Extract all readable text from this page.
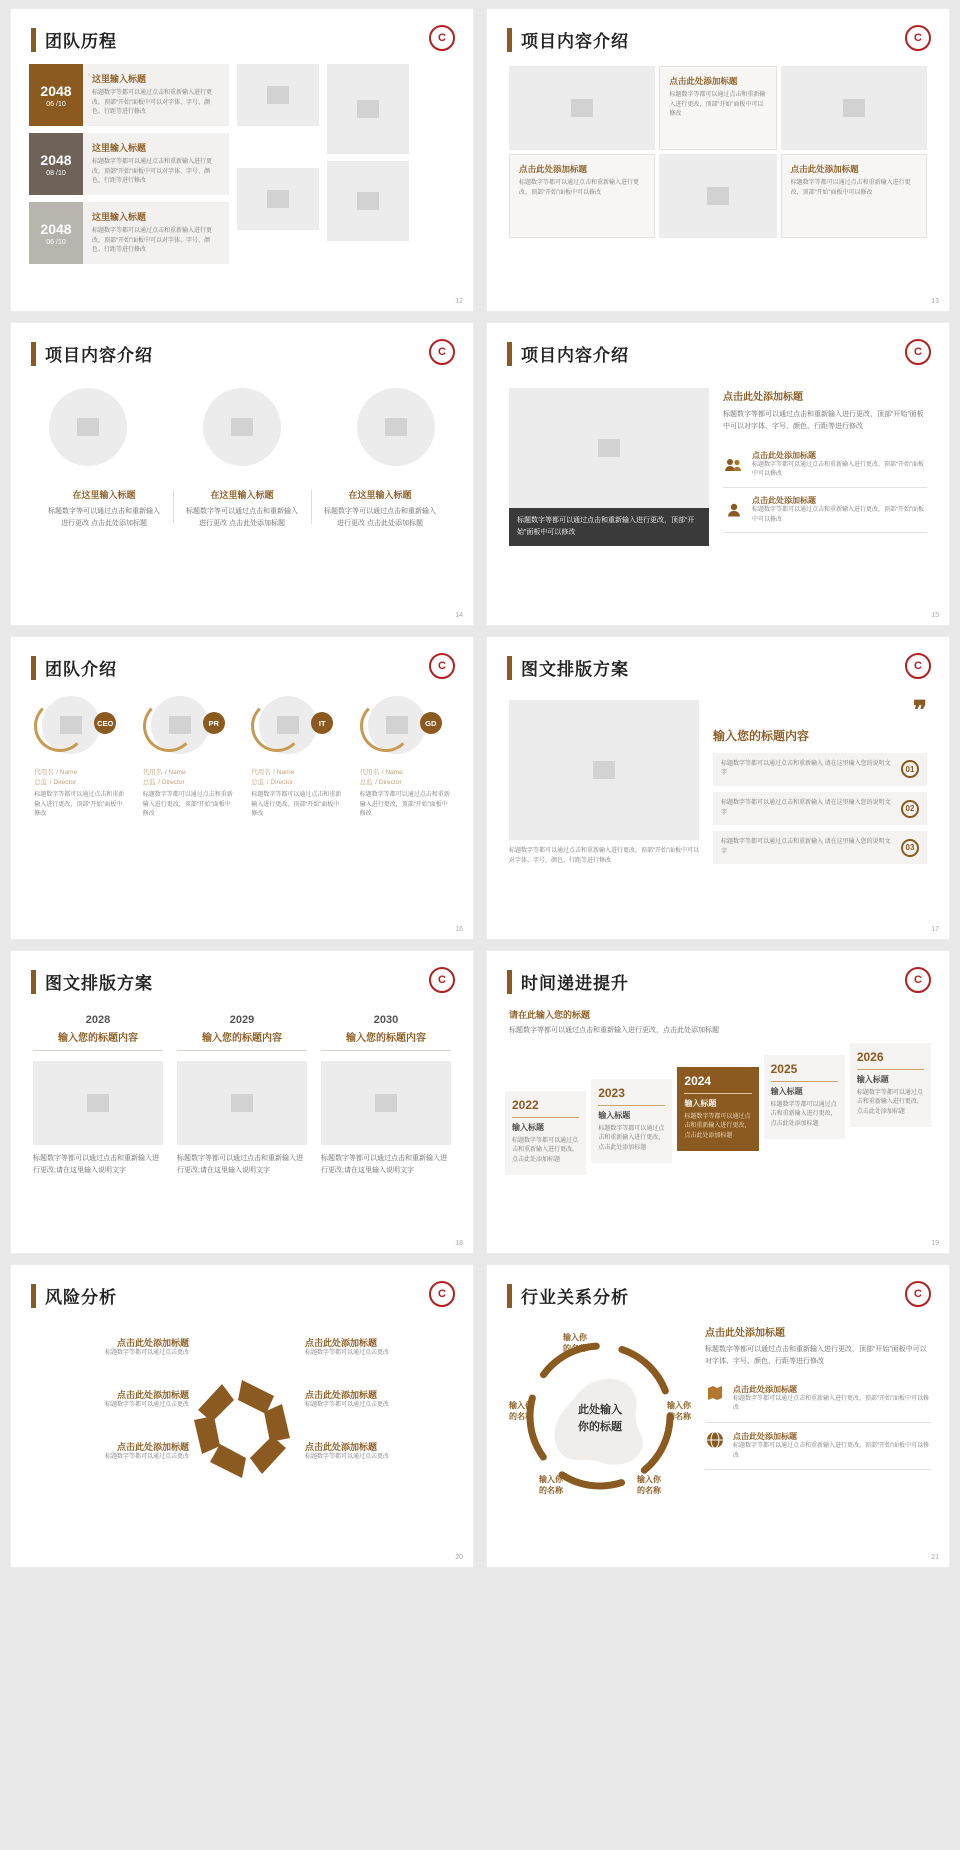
团队历程	C
2048
06 /10
这里输入标题
标题数字等都可以通过点击和重新输入进行更改，顶部“开始”面板中可以对字体、字号、颜色、行距等进行修改
2048
08 /10
这里输入标题
标题数字等都可以通过点击和重新输入进行更改，顶部“开始”面板中可以对字体、字号、颜色、行距等进行修改
2048
06 /10
这里输入标题
标题数字等都可以通过点击和重新输入进行更改，顶部“开始”面板中可以对字体、字号、颜色、行距等进行修改
12
项目内容介绍	C
点击此处添加标题
标题数字等都可以通过点击和重新输入进行更改，顶部“开始”面板中可以修改
点击此处添加标题
标题数字等都可以通过点击和重新输入进行更改，顶部“开始”面板中可以修改
点击此处添加标题
标题数字等都可以通过点击和重新输入进行更改，顶部“开始”面板中可以修改
13
项目内容介绍	C
在这里输入标题
标题数字等可以通过点击和重新输入进行更改 点击此处添加标题
在这里输入标题
标题数字等可以通过点击和重新输入进行更改 点击此处添加标题
在这里输入标题
标题数字等可以通过点击和重新输入进行更改 点击此处添加标题
14
项目内容介绍	C
标题数字等都可以通过点击和重新输入进行更改，顶部“开始”面板中可以修改
点击此处添加标题
标题数字等都可以通过点击和重新输入进行更改，顶部“开始”面板中可以对字体、字号、颜色、行距等进行修改
点击此处添加标题
标题数字等都可以通过点击和重新输入进行更改，顶部“开始”面板中可以修改
点击此处添加标题
标题数字等都可以通过点击和重新输入进行更改，顶部“开始”面板中可以修改
15
团队介绍	C
CEO
代用名 / Name
总监 / Director
标题数字等都可以通过点击和重新输入进行更改，顶部“开始”面板中修改
PR
代用名 / Name
总监 / Director
标题数字等都可以通过点击和重新输入进行更改，顶部“开始”面板中修改
IT
代用名 / Name
总监 / Director
标题数字等都可以通过点击和重新输入进行更改，顶部“开始”面板中修改
GD
代用名 / Name
总监 / Director
标题数字等都可以通过点击和重新输入进行更改，顶部“开始”面板中修改
16
图文排版方案	C
标题数字等都可以通过点击和重新输入进行更改，顶部“开始”面板中可以对字体、字号、颜色、行距等进行修改
❞
输入您的标题内容
标题数字等都可以通过点击和重新输入 请在这里输入您的说明文字	01
标题数字等都可以通过点击和重新输入 请在这里输入您的说明文字	02
标题数字等都可以通过点击和重新输入 请在这里输入您的说明文字	03
17
图文排版方案	C
2028
输入您的标题内容
标题数字等都可以通过点击和重新输入进行更改;请在这里输入说明文字
2029
输入您的标题内容
标题数字等都可以通过点击和重新输入进行更改;请在这里输入说明文字
2030
输入您的标题内容
标题数字等都可以通过点击和重新输入进行更改;请在这里输入说明文字
18
时间递进提升	C
请在此输入您的标题
标题数字等都可以通过点击和重新输入进行更改，点击此处添加标题
2022
输入标题
标题数字等都可以通过点击和重新输入进行更改，点击此处添加标题
2023
输入标题
标题数字等都可以通过点击和重新输入进行更改，点击此处添加标题
2024
输入标题
标题数字等都可以通过点击和重新输入进行更改，点击此处添加标题
2025
输入标题
标题数字等都可以通过点击和重新输入进行更改，点击此处添加标题
2026
输入标题
标题数字等都可以通过点击和重新输入进行更改，点击此处添加标题
19
风险分析	C
点击此处添加标题
标题数字等都可以通过点击更改
点击此处添加标题
标题数字等都可以通过点击更改
点击此处添加标题
标题数字等都可以通过点击更改
点击此处添加标题
标题数字等都可以通过点击更改
点击此处添加标题
标题数字等都可以通过点击更改
点击此处添加标题
标题数字等都可以通过点击更改
20
行业关系分析	C
输入你
的名称
输入你
的名称
输入你
的名称
输入你
的名称
输入你
的名称
此处输入
你的标题
点击此处添加标题
标题数字等都可以通过点击和重新输入进行更改，顶部“开始”面板中可以对字体、字号、颜色、行距等进行修改
点击此处添加标题
标题数字等都可以通过点击和重新输入进行更改，顶部“开始”面板中可以修改
点击此处添加标题
标题数字等都可以通过点击和重新输入进行更改，顶部“开始”面板中可以修改
21
